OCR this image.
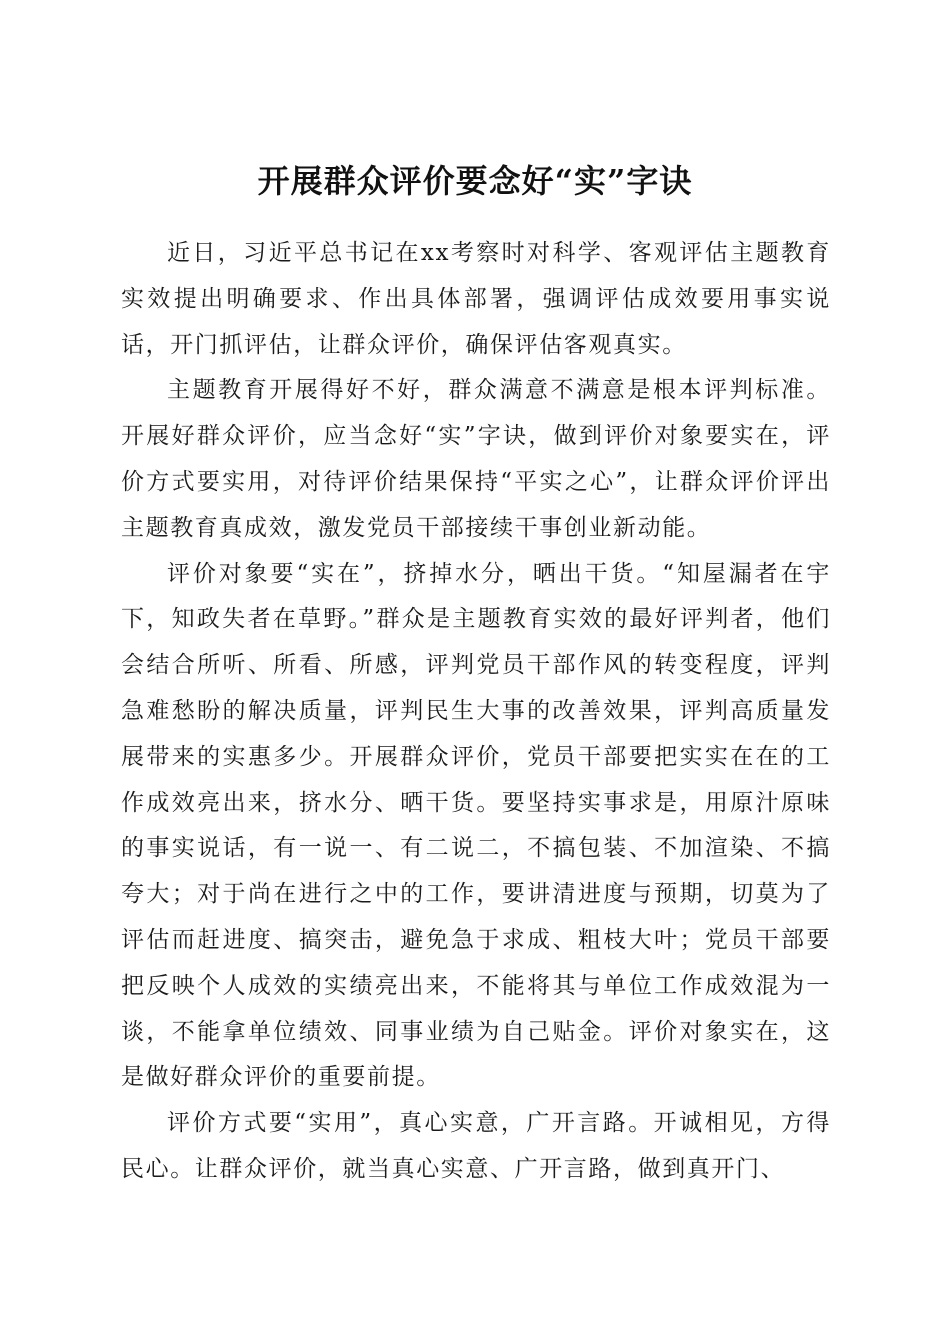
开展群众评价要念好“实”字诀

近日，习近平总书记在xx考察时对科学、客观评估主题教育实效提出明确要求、作出具体部署，强调评估成效要用事实说话，开门抓评估，让群众评价，确保评估客观真实。

主题教育开展得好不好，群众满意不满意是根本评判标准。开展好群众评价，应当念好“实”字诀，做到评价对象要实在，评价方式要实用，对待评价结果保持“平实之心”，让群众评价评出主题教育真成效，激发党员干部接续干事创业新动能。

评价对象要“实在”，挤掉水分，晒出干货。“知屋漏者在宇下，知政失者在草野。”群众是主题教育实效的最好评判者，他们会结合所听、所看、所感，评判党员干部作风的转变程度，评判急难愁盼的解决质量，评判民生大事的改善效果，评判高质量发展带来的实惠多少。开展群众评价，党员干部要把实实在在的工作成效亮出来，挤水分、晒干货。要坚持实事求是，用原汁原味的事实说话，有一说一、有二说二，不搞包装、不加渲染、不搞夸大；对于尚在进行之中的工作，要讲清进度与预期，切莫为了评估而赶进度、搞突击，避免急于求成、粗枝大叶；党员干部要把反映个人成效的实绩亮出来，不能将其与单位工作成效混为一谈，不能拿单位绩效、同事业绩为自己贴金。评价对象实在，这是做好群众评价的重要前提。

评价方式要“实用”，真心实意，广开言路。开诚相见，方得民心。让群众评价，就当真心实意、广开言路，做到真开门、
